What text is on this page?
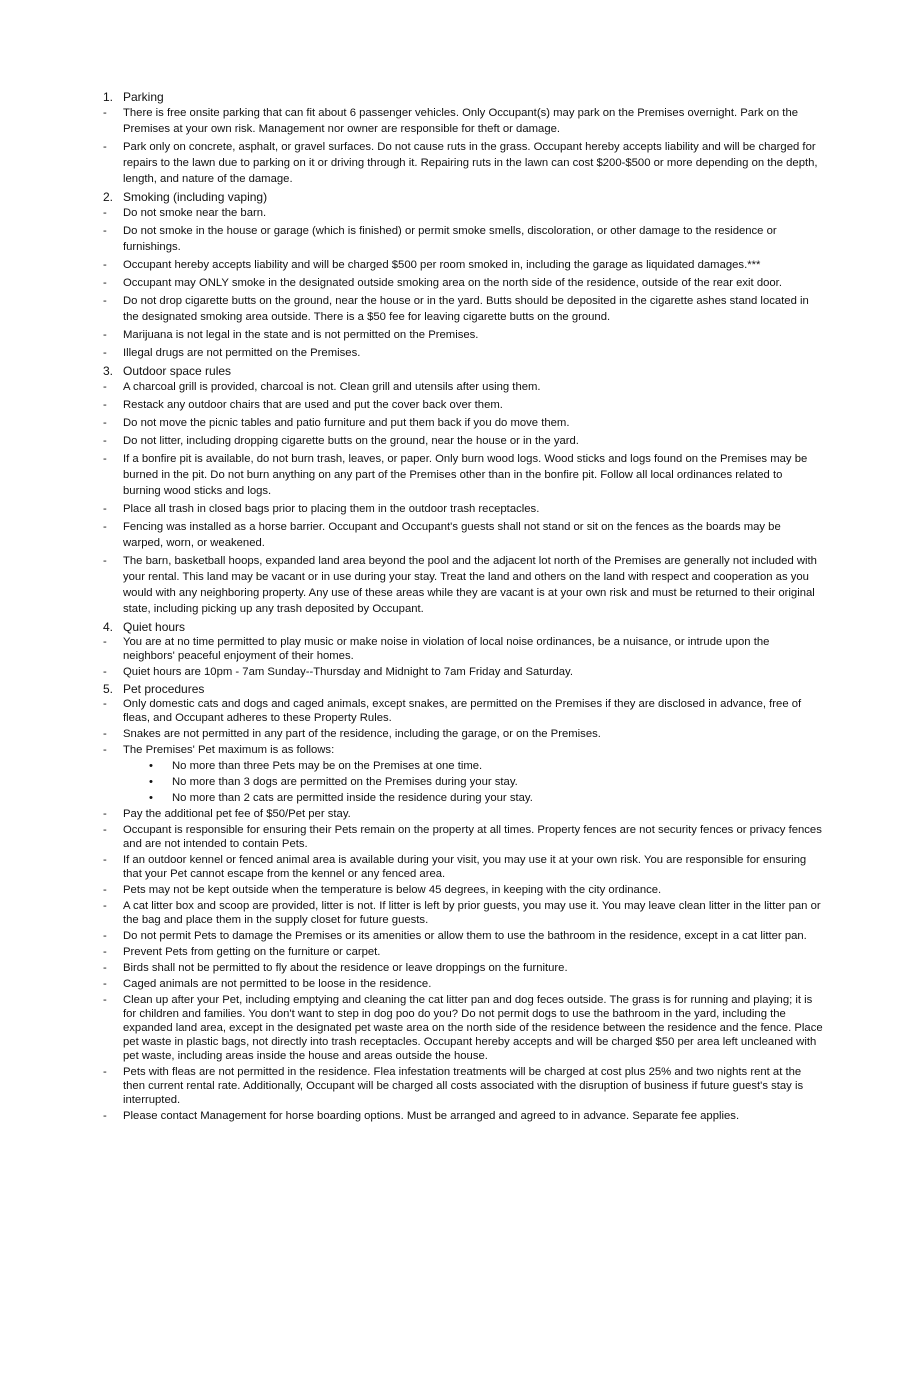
1. Parking
-	There is free onsite parking that can fit about 6 passenger vehicles. Only Occupant(s) may park on the Premises overnight. Park on the Premises at your own risk. Management nor owner are responsible for theft or damage.
-	Park only on concrete, asphalt, or gravel surfaces. Do not cause ruts in the grass. Occupant hereby accepts liability and will be charged for repairs to the lawn due to parking on it or driving through it. Repairing ruts in the lawn can cost $200-$500 or more depending on the depth, length, and nature of the damage.
2. Smoking (including vaping)
-	Do not smoke near the barn.
-	Do not smoke in the house or garage (which is finished) or permit smoke smells, discoloration, or other damage to the residence or furnishings.
-	Occupant hereby accepts liability and will be charged $500 per room smoked in, including the garage as liquidated damages.***
-	Occupant may ONLY smoke in the designated outside smoking area on the north side of the residence, outside of the rear exit door.
-	Do not drop cigarette butts on the ground, near the house or in the yard. Butts should be deposited in the cigarette ashes stand located in the designated smoking area outside. There is a $50 fee for leaving cigarette butts on the ground.
-	Marijuana is not legal in the state and is not permitted on the Premises.
-	Illegal drugs are not permitted on the Premises.
3. Outdoor space rules
-	A charcoal grill is provided, charcoal is not. Clean grill and utensils after using them.
-	Restack any outdoor chairs that are used and put the cover back over them.
-	Do not move the picnic tables and patio furniture and put them back if you do move them.
-	Do not litter, including dropping cigarette butts on the ground, near the house or in the yard.
-	If a bonfire pit is available, do not burn trash, leaves, or paper. Only burn wood logs. Wood sticks and logs found on the Premises may be burned in the pit. Do not burn anything on any part of the Premises other than in the bonfire pit. Follow all local ordinances related to burning wood sticks and logs.
-	Place all trash in closed bags prior to placing them in the outdoor trash receptacles.
-	Fencing was installed as a horse barrier. Occupant and Occupant's guests shall not stand or sit on the fences as the boards may be warped, worn, or weakened.
-	The barn, basketball hoops, expanded land area beyond the pool and the adjacent lot north of the Premises are generally not included with your rental. This land may be vacant or in use during your stay. Treat the land and others on the land with respect and cooperation as you would with any neighboring property. Any use of these areas while they are vacant is at your own risk and must be returned to their original state, including picking up any trash deposited by Occupant.
4. Quiet hours
-	You are at no time permitted to play music or make noise in violation of local noise ordinances, be a nuisance, or intrude upon the neighbors' peaceful enjoyment of their homes.
-	Quiet hours are 10pm - 7am Sunday--Thursday and Midnight to 7am Friday and Saturday.
5. Pet procedures
-	Only domestic cats and dogs and caged animals, except snakes, are permitted on the Premises if they are disclosed in advance, free of fleas, and Occupant adheres to these Property Rules.
-	Snakes are not permitted in any part of the residence, including the garage, or on the Premises.
-	The Premises' Pet maximum is as follows:
•	No more than three Pets may be on the Premises at one time.
•	No more than 3 dogs are permitted on the Premises during your stay.
•	No more than 2 cats are permitted inside the residence during your stay.
-	Pay the additional pet fee of $50/Pet per stay.
-	Occupant is responsible for ensuring their Pets remain on the property at all times. Property fences are not security fences or privacy fences and are not intended to contain Pets.
-	If an outdoor kennel or fenced animal area is available during your visit, you may use it at your own risk. You are responsible for ensuring that your Pet cannot escape from the kennel or any fenced area.
-	Pets may not be kept outside when the temperature is below 45 degrees, in keeping with the city ordinance.
-	A cat litter box and scoop are provided, litter is not. If litter is left by prior guests, you may use it. You may leave clean litter in the litter pan or the bag and place them in the supply closet for future guests.
-	Do not permit Pets to damage the Premises or its amenities or allow them to use the bathroom in the residence, except in a cat litter pan.
-	Prevent Pets from getting on the furniture or carpet.
-	Birds shall not be permitted to fly about the residence or leave droppings on the furniture.
-	Caged animals are not permitted to be loose in the residence.
-	Clean up after your Pet, including emptying and cleaning the cat litter pan and dog feces outside. The grass is for running and playing; it is for children and families. You don't want to step in dog poo do you? Do not permit dogs to use the bathroom in the yard, including the expanded land area, except in the designated pet waste area on the north side of the residence between the residence and the fence. Place pet waste in plastic bags, not directly into trash receptacles. Occupant hereby accepts and will be charged $50 per area left uncleaned with pet waste, including areas inside the house and areas outside the house.
-	Pets with fleas are not permitted in the residence. Flea infestation treatments will be charged at cost plus 25% and two nights rent at the then current rental rate. Additionally, Occupant will be charged all costs associated with the disruption of business if future guest's stay is interrupted.
-	Please contact Management for horse boarding options. Must be arranged and agreed to in advance. Separate fee applies.
